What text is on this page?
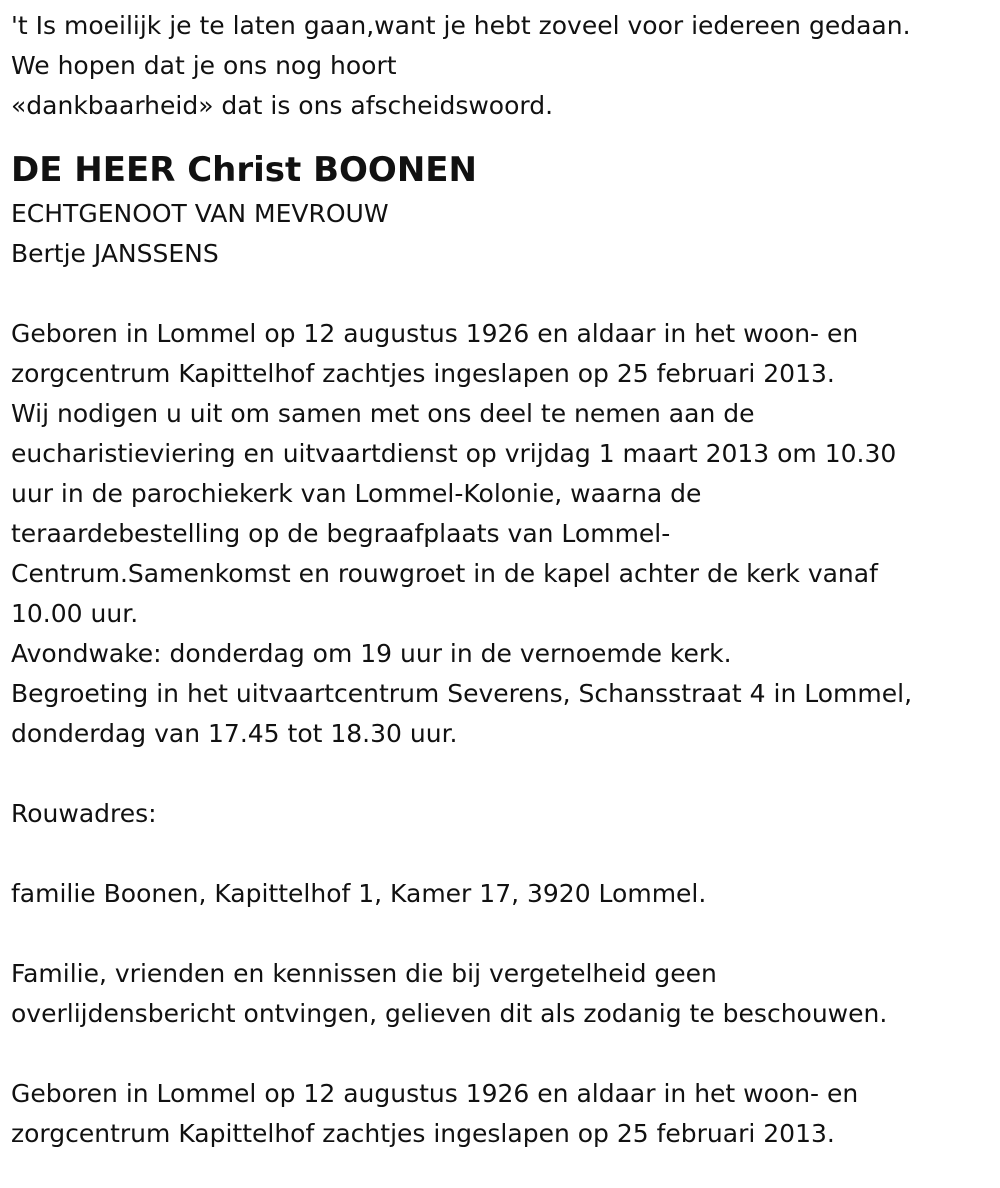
't Is moeilijk je te laten gaan,want je hebt zoveel voor iedereen gedaan.
We hopen dat je ons nog hoort
«dankbaarheid» dat is ons afscheidswoord.
DE HEER Christ BOONEN
ECHTGENOOT VAN MEVROUW
Bertje JANSSENS
Geboren in Lommel op 12 augustus 1926 en aldaar in het woon- en
zorgcentrum Kapittelhof zachtjes ingeslapen op 25 februari 2013.
Wij nodigen u uit om samen met ons deel te nemen aan de
eucharistieviering en uitvaartdienst op vrijdag 1 maart 2013 om 10.30
uur in de parochiekerk van Lommel-Kolonie, waarna de
teraardebestelling op de begraafplaats van Lommel-
Centrum.Samenkomst en rouwgroet in de kapel achter de kerk vanaf
10.00 uur.
Avondwake: donderdag om 19 uur in de vernoemde kerk.
Begroeting in het uitvaartcentrum Severens, Schansstraat 4 in Lommel,
donderdag van 17.45 tot 18.30 uur.
Rouwadres:
familie Boonen, Kapittelhof 1, Kamer 17, 3920 Lommel.
Familie, vrienden en kennissen die bij vergetelheid geen
overlijdensbericht ontvingen, gelieven dit als zodanig te beschouwen.
Geboren in Lommel op 12 augustus 1926 en aldaar in het woon- en
zorgcentrum Kapittelhof zachtjes ingeslapen op 25 februari 2013.
